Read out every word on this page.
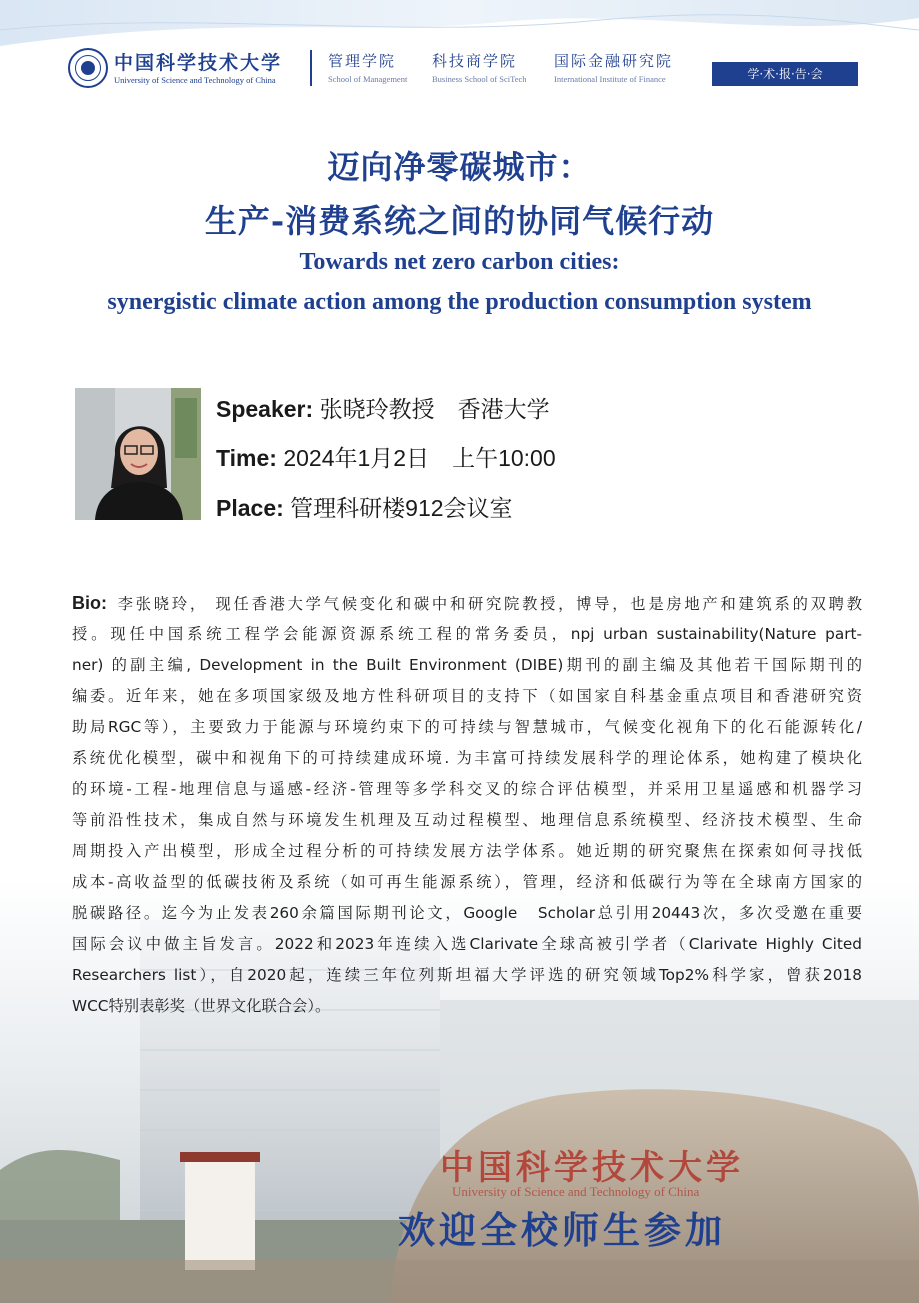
中国科学技术大学
University of Science and Technology of China
管理学院
School of Management
科技商学院
Business School of SciTech
国际金融研究院
International Institute of Finance	学·术·报·告·会
迈向净零碳城市：
生产-消费系统之间的协同气候行动
Towards net zero carbon cities:
synergistic climate action among the production consumption system
Speaker: 张晓玲教授　香港大学
Time: 2024年1月2日　上午10:00
Place: 管理科研楼912会议室
Bio: 李张晓玲， 现任香港大学气候变化和碳中和研究院教授，博导，也是房地产和建筑系的双聘教
授。现任中国系统工程学会能源资源系统工程的常务委员，npj urban sustainability(Nature part-
ner) 的副主编, Development in the Built Environment (DIBE)期刊的副主编及其他若干国际期刊的
编委。近年来，她在多项国家级及地方性科研项目的支持下（如国家自科基金重点项目和香港研究资
助局RGC等），主要致力于能源与环境约束下的可持续与智慧城市，气候变化视角下的化石能源转化/
系统优化模型，碳中和视角下的可持续建成环境. 为丰富可持续发展科学的理论体系，她构建了模块化
的环境-工程-地理信息与遥感-经济-管理等多学科交叉的综合评估模型，并采用卫星遥感和机器学习
等前沿性技术，集成自然与环境发生机理及互动过程模型、地理信息系统模型、经济技术模型、生命
周期投入产出模型，形成全过程分析的可持续发展方法学体系。她近期的研究聚焦在探索如何寻找低
成本-高收益型的低碳技術及系统（如可再生能源系统），管理，经济和低碳行为等在全球南方国家的
脱碳路径。迄今为止发表260余篇国际期刊论文，Google　Scholar总引用20443次，多次受邀在重要
国际会议中做主旨发言。2022和2023年连续入选Clarivate全球高被引学者（Clarivate Highly Cited
Researchers list），自2020起，连续三年位列斯坦福大学评选的研究领域Top2%科学家，曾获2018
WCC特别表彰奖（世界文化联合会）。
中国科学技术大学
University of Science and Technology of China
欢迎全校师生参加
